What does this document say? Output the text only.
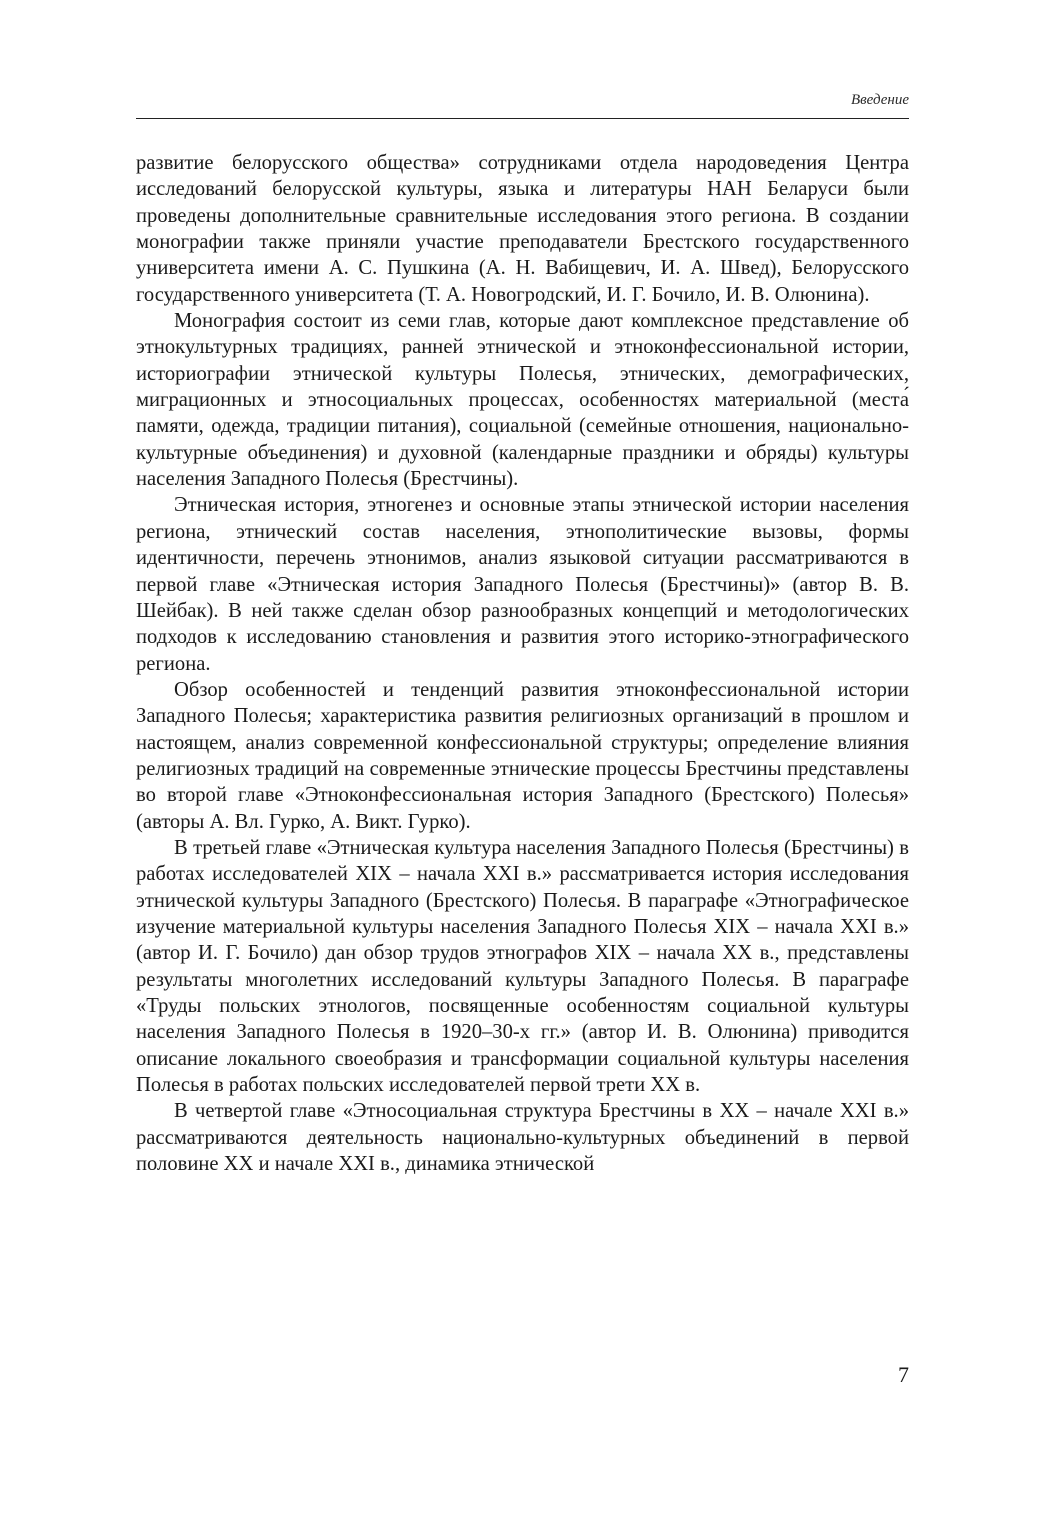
Введение

развитие белорусского общества» сотрудниками отдела народоведения Центра исследований белорусской культуры, языка и литературы НАН Беларуси были проведены дополнительные сравнительные исследования этого региона. В создании монографии также приняли участие преподаватели Брестского государственного университета имени А. С. Пушкина (А. Н. Вабищевич, И. А. Швед), Белорусского государственного университета (Т. А. Новогродский, И. Г. Бочило, И. В. Олюнина).

Монография состоит из семи глав, которые дают комплексное представление об этнокультурных традициях, ранней этнической и этноконфессиональной истории, историографии этнической культуры Полесья, этнических, демографических, миграционных и этносоциальных процессах, особенностях материальной (места́ памяти, одежда, традиции питания), социальной (семейные отношения, национально-культурные объединения) и духовной (календарные праздники и обряды) культуры населения Западного Полесья (Брестчины).

Этническая история, этногенез и основные этапы этнической истории населения региона, этнический состав населения, этнополитические вызовы, формы идентичности, перечень этнонимов, анализ языковой ситуации рассматриваются в первой главе «Этническая история Западного Полесья (Брестчины)» (автор В. В. Шейбак). В ней также сделан обзор разнообразных концепций и методологических подходов к исследованию становления и развития этого историко-этнографического региона.

Обзор особенностей и тенденций развития этноконфессиональной истории Западного Полесья; характеристика развития религиозных организаций в прошлом и настоящем, анализ современной конфессиональной структуры; определение влияния религиозных традиций на современные этнические процессы Брестчины представлены во второй главе «Этноконфессиональная история Западного (Брестского) Полесья» (авторы А. Вл. Гурко, А. Викт. Гурко).

В третьей главе «Этническая культура населения Западного Полесья (Брестчины) в работах исследователей XIX – начала XXI в.» рассматривается история исследования этнической культуры Западного (Брестского) Полесья. В параграфе «Этнографическое изучение материальной культуры населения Западного Полесья XIX – начала XXI в.» (автор И. Г. Бочило) дан обзор трудов этнографов XIX – начала XX в., представлены результаты многолетних исследований культуры Западного Полесья. В параграфе «Труды польских этнологов, посвященные особенностям социальной культуры населения Западного Полесья в 1920–30-х гг.» (автор И. В. Олюнина) приводится описание локального своеобразия и трансформации социальной культуры населения Полесья в работах польских исследователей первой трети XX в.

В четвертой главе «Этносоциальная структура Брестчины в XX – начале XXI в.» рассматриваются деятельность национально-культурных объединений в первой половине XX и начале XXI в., динамика этнической

7
